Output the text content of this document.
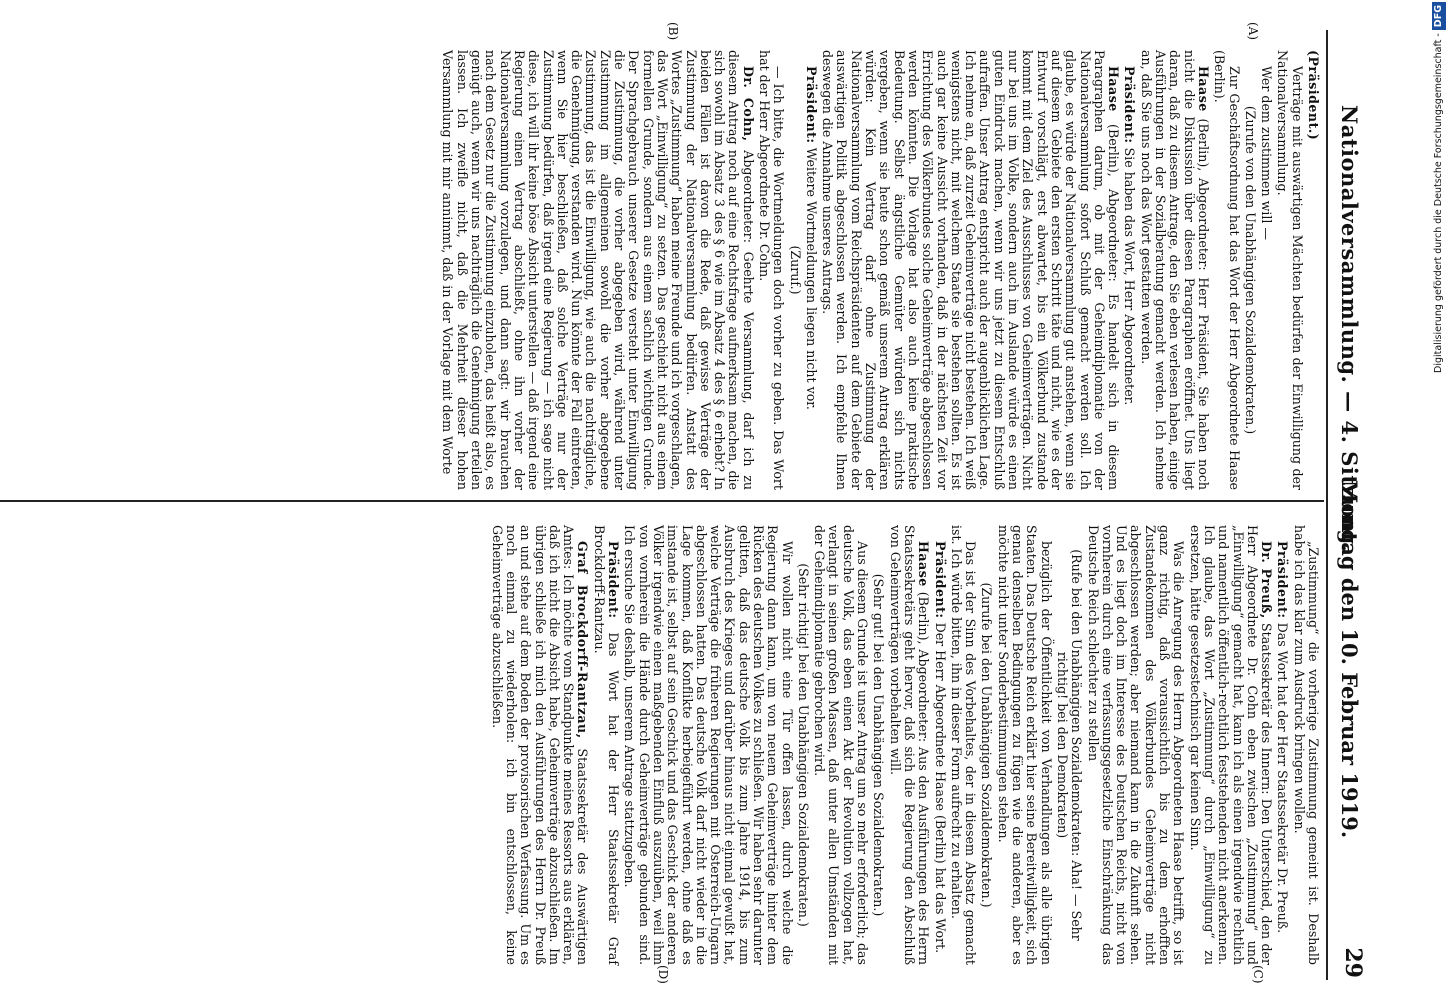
Nationalversammlung. — 4. Sitzung.
Montag den 10. Februar 1919.
29
(A)
(B)
(C)
(D)

(Präsident.)

Verträge mit auswärtigen Mächten bedürfen der Einwilligung der Nationalversammlung.

Wer dem zustimmen will —

(Zurufe von den Unabhängigen Sozialdemokraten.)

Zur Geschäftsordnung hat das Wort der Herr Abgeordnete Haase (Berlin).

Haase (Berlin), Abgeordneter: Herr Präsident, Sie haben noch nicht die Diskussion über diesen Paragraphen eröffnet. Uns liegt daran, daß zu diesem Antrage, den Sie eben verlesen haben, einige Ausführungen in der Sozialberatung gemacht werden. Ich nehme an, daß Sie uns noch das Wort gestatten werden.

Präsident: Sie haben das Wort, Herr Abgeordneter.

Haase (Berlin), Abgeordneter: Es handelt sich in diesem Paragraphen darum, ob mit der Geheimdiplomatie von der Nationalversammlung sofort Schluß gemacht werden soll. Ich glaube, es würde der Nationalversammlung gut anstehen, wenn sie auf diesem Gebiete den ersten Schritt täte und nicht, wie es der Entwurf vorschlägt, erst abwartet, bis ein Völkerbund zustande kommt mit dem Ziel des Ausschlusses von Geheimverträgen. Nicht nur bei uns im Volke, sondern auch im Auslande würde es einen guten Eindruck machen, wenn wir uns jetzt zu diesem Entschluß aufraffen. Unser Antrag entspricht auch der augenblicklichen Lage. Ich nehme an, daß zurzeit Geheimverträge nicht bestehen. Ich weiß wenigstens nicht, mit welchem Staate sie bestehen sollten. Es ist auch gar keine Aussicht vorhanden, daß in der nächsten Zeit vor Errichtung des Völkerbundes solche Geheimverträge abgeschlossen werden könnten. Die Vorlage hat also auch keine praktische Bedeutung. Selbst ängstliche Gemüter würden sich nichts vergeben, wenn sie heute schon gemäß unserem Antrag erklären würden: Kein Vertrag darf ohne Zustimmung der Nationalversammlung vom Reichspräsidenten auf dem Gebiete der auswärtigen Politik abgeschlossen werden. Ich empfehle Ihnen deswegen die Annahme unseres Antrags.

Präsident: Weitere Wortmeldungen liegen nicht vor.

(Zuruf.)

— Ich bitte, die Wortmeldungen doch vorher zu geben. Das Wort hat der Herr Abgeordnete Dr. Cohn.

Dr. Cohn, Abgeordneter: Geehrte Versammlung, darf ich zu diesem Antrag noch auf eine Rechtsfrage aufmerksam machen, die sich sowohl im Absatz 3 des § 6 wie im Absatz 4 des § 6 erhebt? In beiden Fällen ist davon die Rede, daß gewisse Verträge der Zustimmung der Nationalversammlung bedürfen. Anstatt des Wortes „Zustimmung“ haben meine Freunde und ich vorgeschlagen, das Wort „Einwilligung“ zu setzen. Das geschieht nicht aus einem formellen Grunde, sondern aus einem sachlich wichtigen Grunde. Der Sprachgebrauch unserer Gesetze versteht unter Einwilligung die Zustimmung, die vorher abgegeben wird, während unter Zustimmung im allgemeinen sowohl die vorher abgegebene Zustimmung, das ist die Einwilligung, wie auch die nachträgliche, die Genehmigung, verstanden wird. Nun könnte der Fall eintreten, wenn Sie hier beschließen, daß solche Verträge nur der Zustimmung bedürfen, daß irgend eine Regierung — ich sage nicht diese, ich will ihr keine böse Absicht unterstellen — daß irgend eine Regierung einen Vertrag abschließt, ohne ihn vorher der Nationalversammlung vorzulegen, und dann sagt: wir brauchen nach dem Gesetz nur die Zustimmung einzuholen, das heißt also, es genügt auch, wenn wir uns nachträglich die Genehmigung erteilen lassen. Ich zweifle nicht, daß die Mehrheit dieser hohen Versammlung mit mir annimmt, daß in der Vorlage mit dem Worte

„Zustimmung“ die vorherige Zustimmung gemeint ist. Deshalb habe ich das klar zum Ausdruck bringen wollen.

Präsident: Das Wort hat der Herr Staatssekretär Dr. Preuß.

Dr. Preuß, Staatssekretär des Innern: Den Unterschied, den der Herr Abgeordnete Dr. Cohn eben zwischen „Zustimmung“ und „Einwilligung“ gemacht hat, kann ich als einen irgendwie rechtlich und namentlich öffentlich-rechtlich feststehenden nicht anerkennen. Ich glaube, das Wort „Zustimmung“ durch „Einwilligung“ zu ersetzen, hätte gesetzestechnisch gar keinen Sinn.

Was die Anregung des Herrn Abgeordneten Haase betrifft, so ist ganz richtig, daß voraussichtlich bis zu dem erhofften Zustandekommen des Völkerbundes Geheimverträge nicht abgeschlossen werden; aber niemand kann in die Zukunft sehen. Und es liegt doch im Interesse des Deutschen Reichs, nicht von vornherein durch eine verfassungsgesetzliche Einschränkung das Deutsche Reich schlechter zu stellen

(Rufe bei den Unabhängigen Sozialdemokraten: Aha! — Sehr richtig! bei den Demokraten)

bezüglich der Öffentlichkeit von Verhandlungen als alle übrigen Staaten. Das Deutsche Reich erklärt hier seine Bereitwilligkeit, sich genau denselben Bedingungen zu fügen wie die anderen, aber es möchte nicht unter Sonderbestimmungen stehen.

(Zurufe bei den Unabhängigen Sozialdemokraten.)

Das ist der Sinn des Vorbehaltes, der in diesem Absatz gemacht ist. Ich würde bitten, ihn in dieser Form aufrecht zu erhalten.

Präsident: Der Herr Abgeordnete Haase (Berlin) hat das Wort.

Haase (Berlin), Abgeordneter: Aus den Ausführungen des Herrn Staatssekretärs geht hervor, daß sich die Regierung den Abschluß von Geheimverträgen vorbehalten will.

(Sehr gut! bei den Unabhängigen Sozialdemokraten.)

Aus diesem Grunde ist unser Antrag um so mehr erforderlich; das deutsche Volk, das eben einen Akt der Revolution vollzogen hat, verlangt in seinen großen Massen, daß unter allen Umständen mit der Geheimdiplomatie gebrochen wird.

(Sehr richtig! bei den Unabhängigen Sozialdemokraten.)

Wir wollen nicht eine Tür offen lassen, durch welche die Regierung dann kann, um von neuem Geheimverträge hinter dem Rücken des deutschen Volkes zu schließen. Wir haben sehr darunter gelitten, daß das deutsche Volk bis zum Jahre 1914, bis zum Ausbruch des Krieges und darüber hinaus nicht einmal gewußt hat, welche Verträge die früheren Regierungen mit Österreich-Ungarn abgeschlossen hatten. Das deutsche Volk darf nicht wieder in die Lage kommen, daß Konflikte herbeigeführt werden, ohne daß es imstande ist, selbst auf sein Geschick und das Geschick der anderen Völker irgendwie einen maßgebenden Einfluß auszuüben, weil ihm von vornherein die Hände durch Geheimverträge gebunden sind. Ich ersuche Sie deshalb, unserem Antrage stattzugeben.

Präsident: Das Wort hat der Herr Staatssekretär Graf Brockdorff-Rantzau.

Graf Brockdorff-Rantzau, Staatssekretär des Auswärtigen Amtes: Ich möchte vom Standpunkte meines Ressorts aus erklären, daß ich nicht die Absicht habe, Geheimverträge abzuschließen. Im übrigen schließe ich mich den Ausführungen des Herrn Dr. Preuß an und stehe auf dem Boden der provisorischen Verfassung. Um es noch einmal zu wiederholen: ich bin entschlossen, keine Geheimverträge abzuschließen.

Digitalisierung gefördert durch die Deutsche Forschungsgemeinschaft -DFG
